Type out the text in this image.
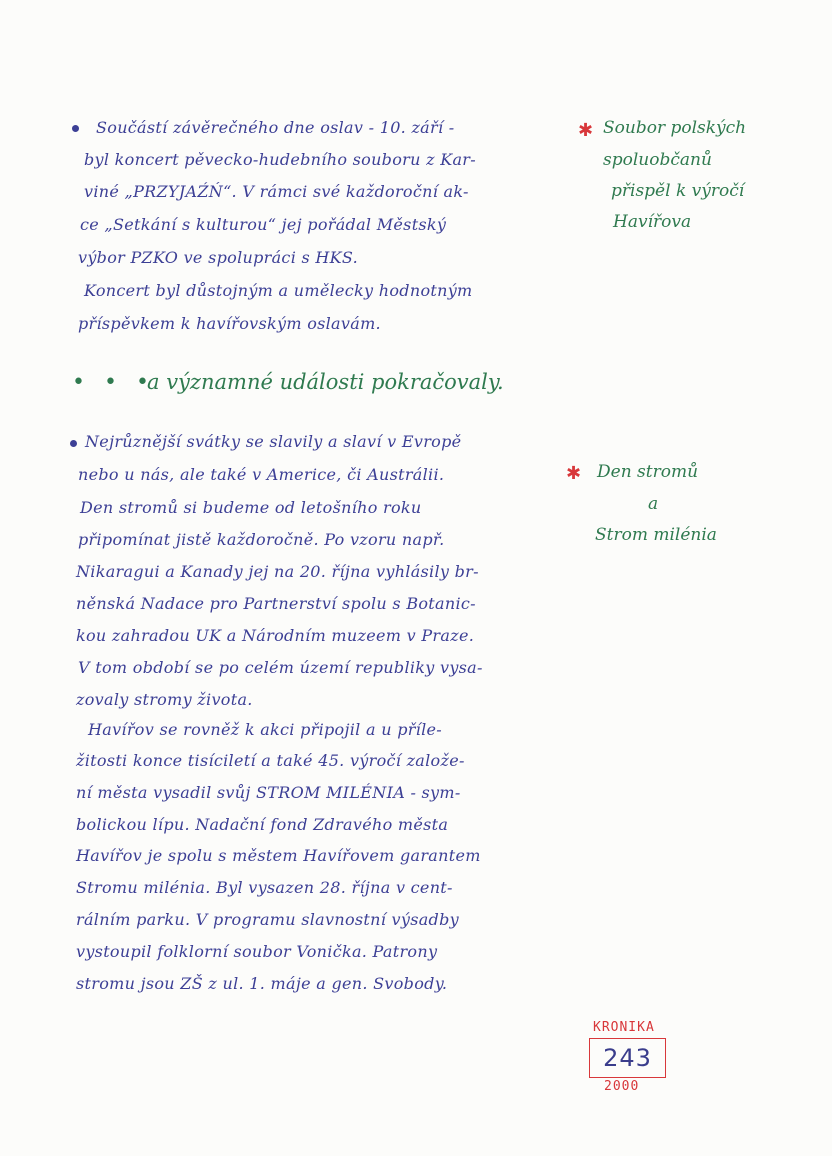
Součástí závěrečného dne oslav - 10. září -
byl koncert pěvecko-hudebního souboru z Kar-
viné „PRZYJAŹŃ“. V rámci své každoroční ak-
ce „Setkání s kulturou“ jej pořádal Městský
výbor PZKO ve spolupráci s HKS.
Koncert byl důstojným a umělecky hodnotným
příspěvkem k havířovským oslavám.
✱ Soubor polských
spoluobčanů
přispěl k výročí
Havířova
• • •
a významné události pokračovaly.
Nejrůznější svátky se slavily a slaví v Evropě
nebo u nás, ale také v Americe, či Austrálii.
Den stromů si budeme od letošního roku
připomínat jistě každoročně. Po vzoru např.
Nikaragui a Kanady jej na 20. října vyhlásily br-
něnská Nadace pro Partnerství spolu s Botanic-
kou zahradou UK a Národním muzeem v Praze.
V tom období se po celém území republiky vysa-
zovaly stromy života.
Havířov se rovněž k akci připojil a u příle-
žitosti konce tisíciletí a také 45. výročí založe-
ní města vysadil svůj STROM MILÉNIA - sym-
bolickou lípu. Nadační fond Zdravého města
Havířov je spolu s městem Havířovem garantem
Stromu milénia. Byl vysazen 28. října v cent-
rálním parku. V programu slavnostní výsadby
vystoupil folklorní soubor Vonička. Patrony
stromu jsou ZŠ z ul. 1. máje a gen. Svobody.
✱ Den stromů
a
Strom milénia
KRONIKA
243
2000
